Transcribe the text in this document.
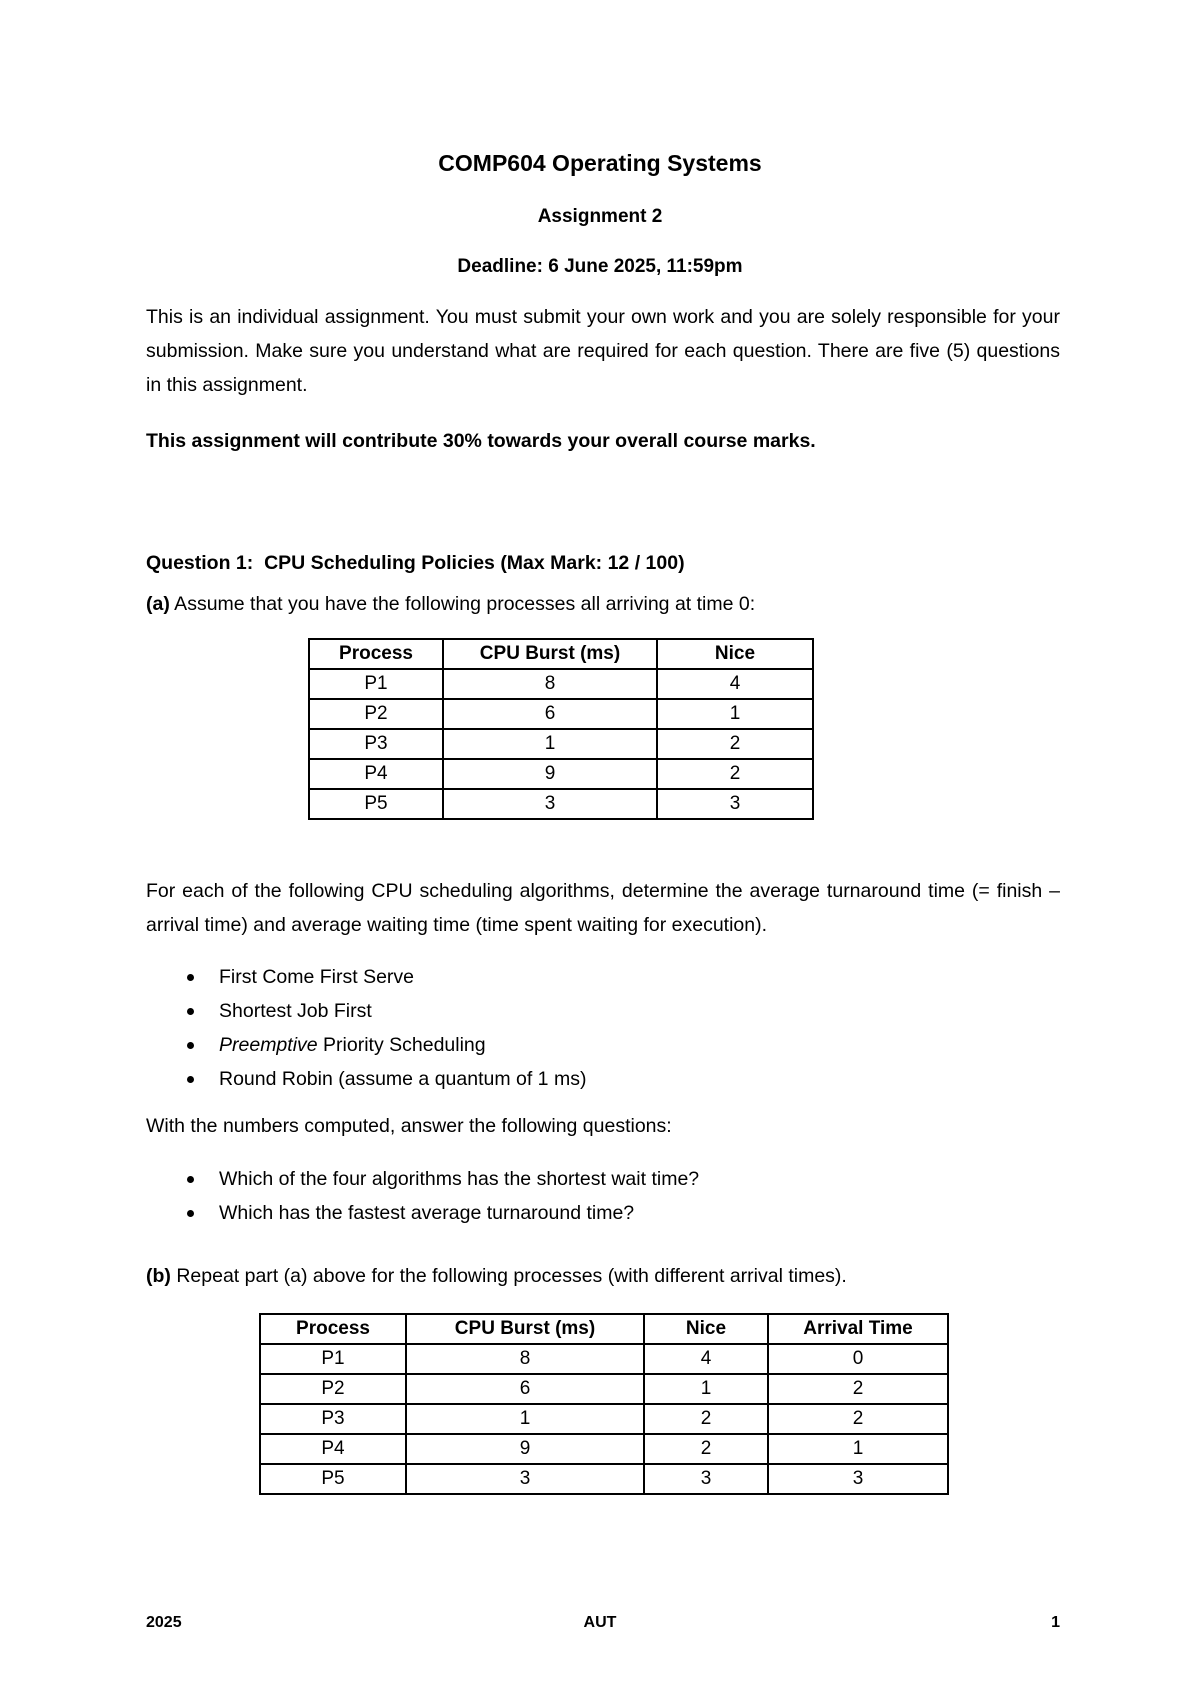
COMP604 Operating Systems
Assignment 2
Deadline: 6 June 2025, 11:59pm
This is an individual assignment. You must submit your own work and you are solely responsible for your submission. Make sure you understand what are required for each question. There are five (5) questions in this assignment.
This assignment will contribute 30% towards your overall course marks.
Question 1:  CPU Scheduling Policies (Max Mark: 12 / 100)
(a) Assume that you have the following processes all arriving at time 0:
Process	CPU Burst (ms)	Nice
P1	8	4
P2	6	1
P3	1	2
P4	9	2
P5	3	3
For each of the following CPU scheduling algorithms, determine the average turnaround time (= finish – arrival time) and average waiting time (time spent waiting for execution).
First Come First Serve
Shortest Job First
Preemptive Priority Scheduling
Round Robin (assume a quantum of 1 ms)
With the numbers computed, answer the following questions:
Which of the four algorithms has the shortest wait time?
Which has the fastest average turnaround time?
(b) Repeat part (a) above for the following processes (with different arrival times).
Process	CPU Burst (ms)	Nice	Arrival Time
P1	8	4	0
P2	6	1	2
P3	1	2	2
P4	9	2	1
P5	3	3	3
2025	AUT	1
